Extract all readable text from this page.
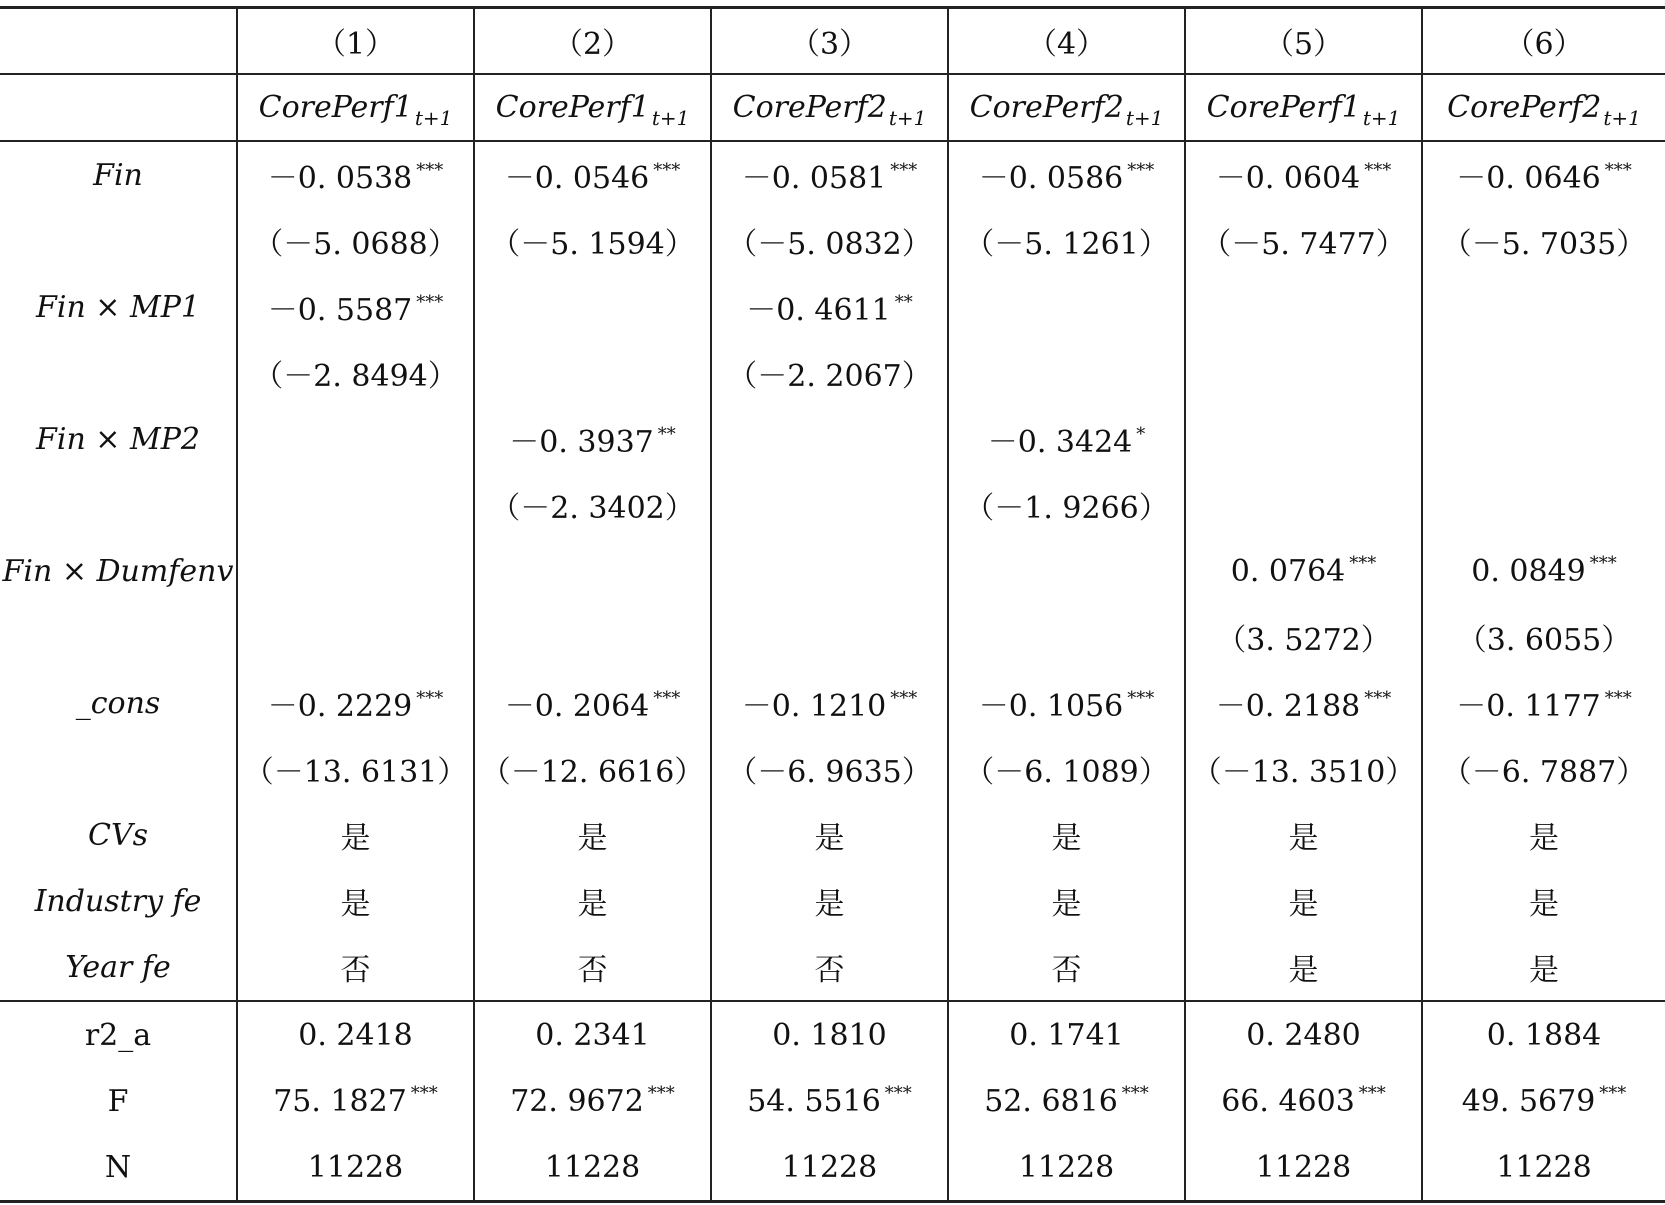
	（1）	（2）	（3）	（4）	（5）	（6）
	CorePerf1 $_{t+1}$	CorePerf1 $_{t+1}$	CorePerf2 $_{t+1}$	CorePerf2 $_{t+1}$	CorePerf1 $_{t+1}$	CorePerf2 $_{t+1}$
Fin	－0. 0538 ***	－0. 0546 ***	－0. 0581 ***	－0. 0586 ***	－0. 0604 ***	－0. 0646 ***
	（－5. 0688）	（－5. 1594）	（－5. 0832）	（－5. 1261）	（－5. 7477）	（－5. 7035）
Fin × MP1	－0. 5587 ***		－0. 4611 **			
	（－2. 8494）		（－2. 2067）			
Fin × MP2		－0. 3937 **		－0. 3424 *		
		（－2. 3402）		（－1. 9266）		
Fin × Dumfenv					0. 0764 ***	0. 0849 ***
					（3. 5272）	（3. 6055）
_cons	－0. 2229 ***	－0. 2064 ***	－0. 1210 ***	－0. 1056 ***	－0. 2188 ***	－0. 1177 ***
	（－13. 6131）	（－12. 6616）	（－6. 9635）	（－6. 1089）	（－13. 3510）	（－6. 7887）
CVs	是	是	是	是	是	是
Industry fe	是	是	是	是	是	是
Year fe	否	否	否	否	是	是
r2_a	0. 2418	0. 2341	0. 1810	0. 1741	0. 2480	0. 1884
F	75. 1827 ***	72. 9672 ***	54. 5516 ***	52. 6816 ***	66. 4603 ***	49. 5679 ***
N	11228	11228	11228	11228	11228	11228
